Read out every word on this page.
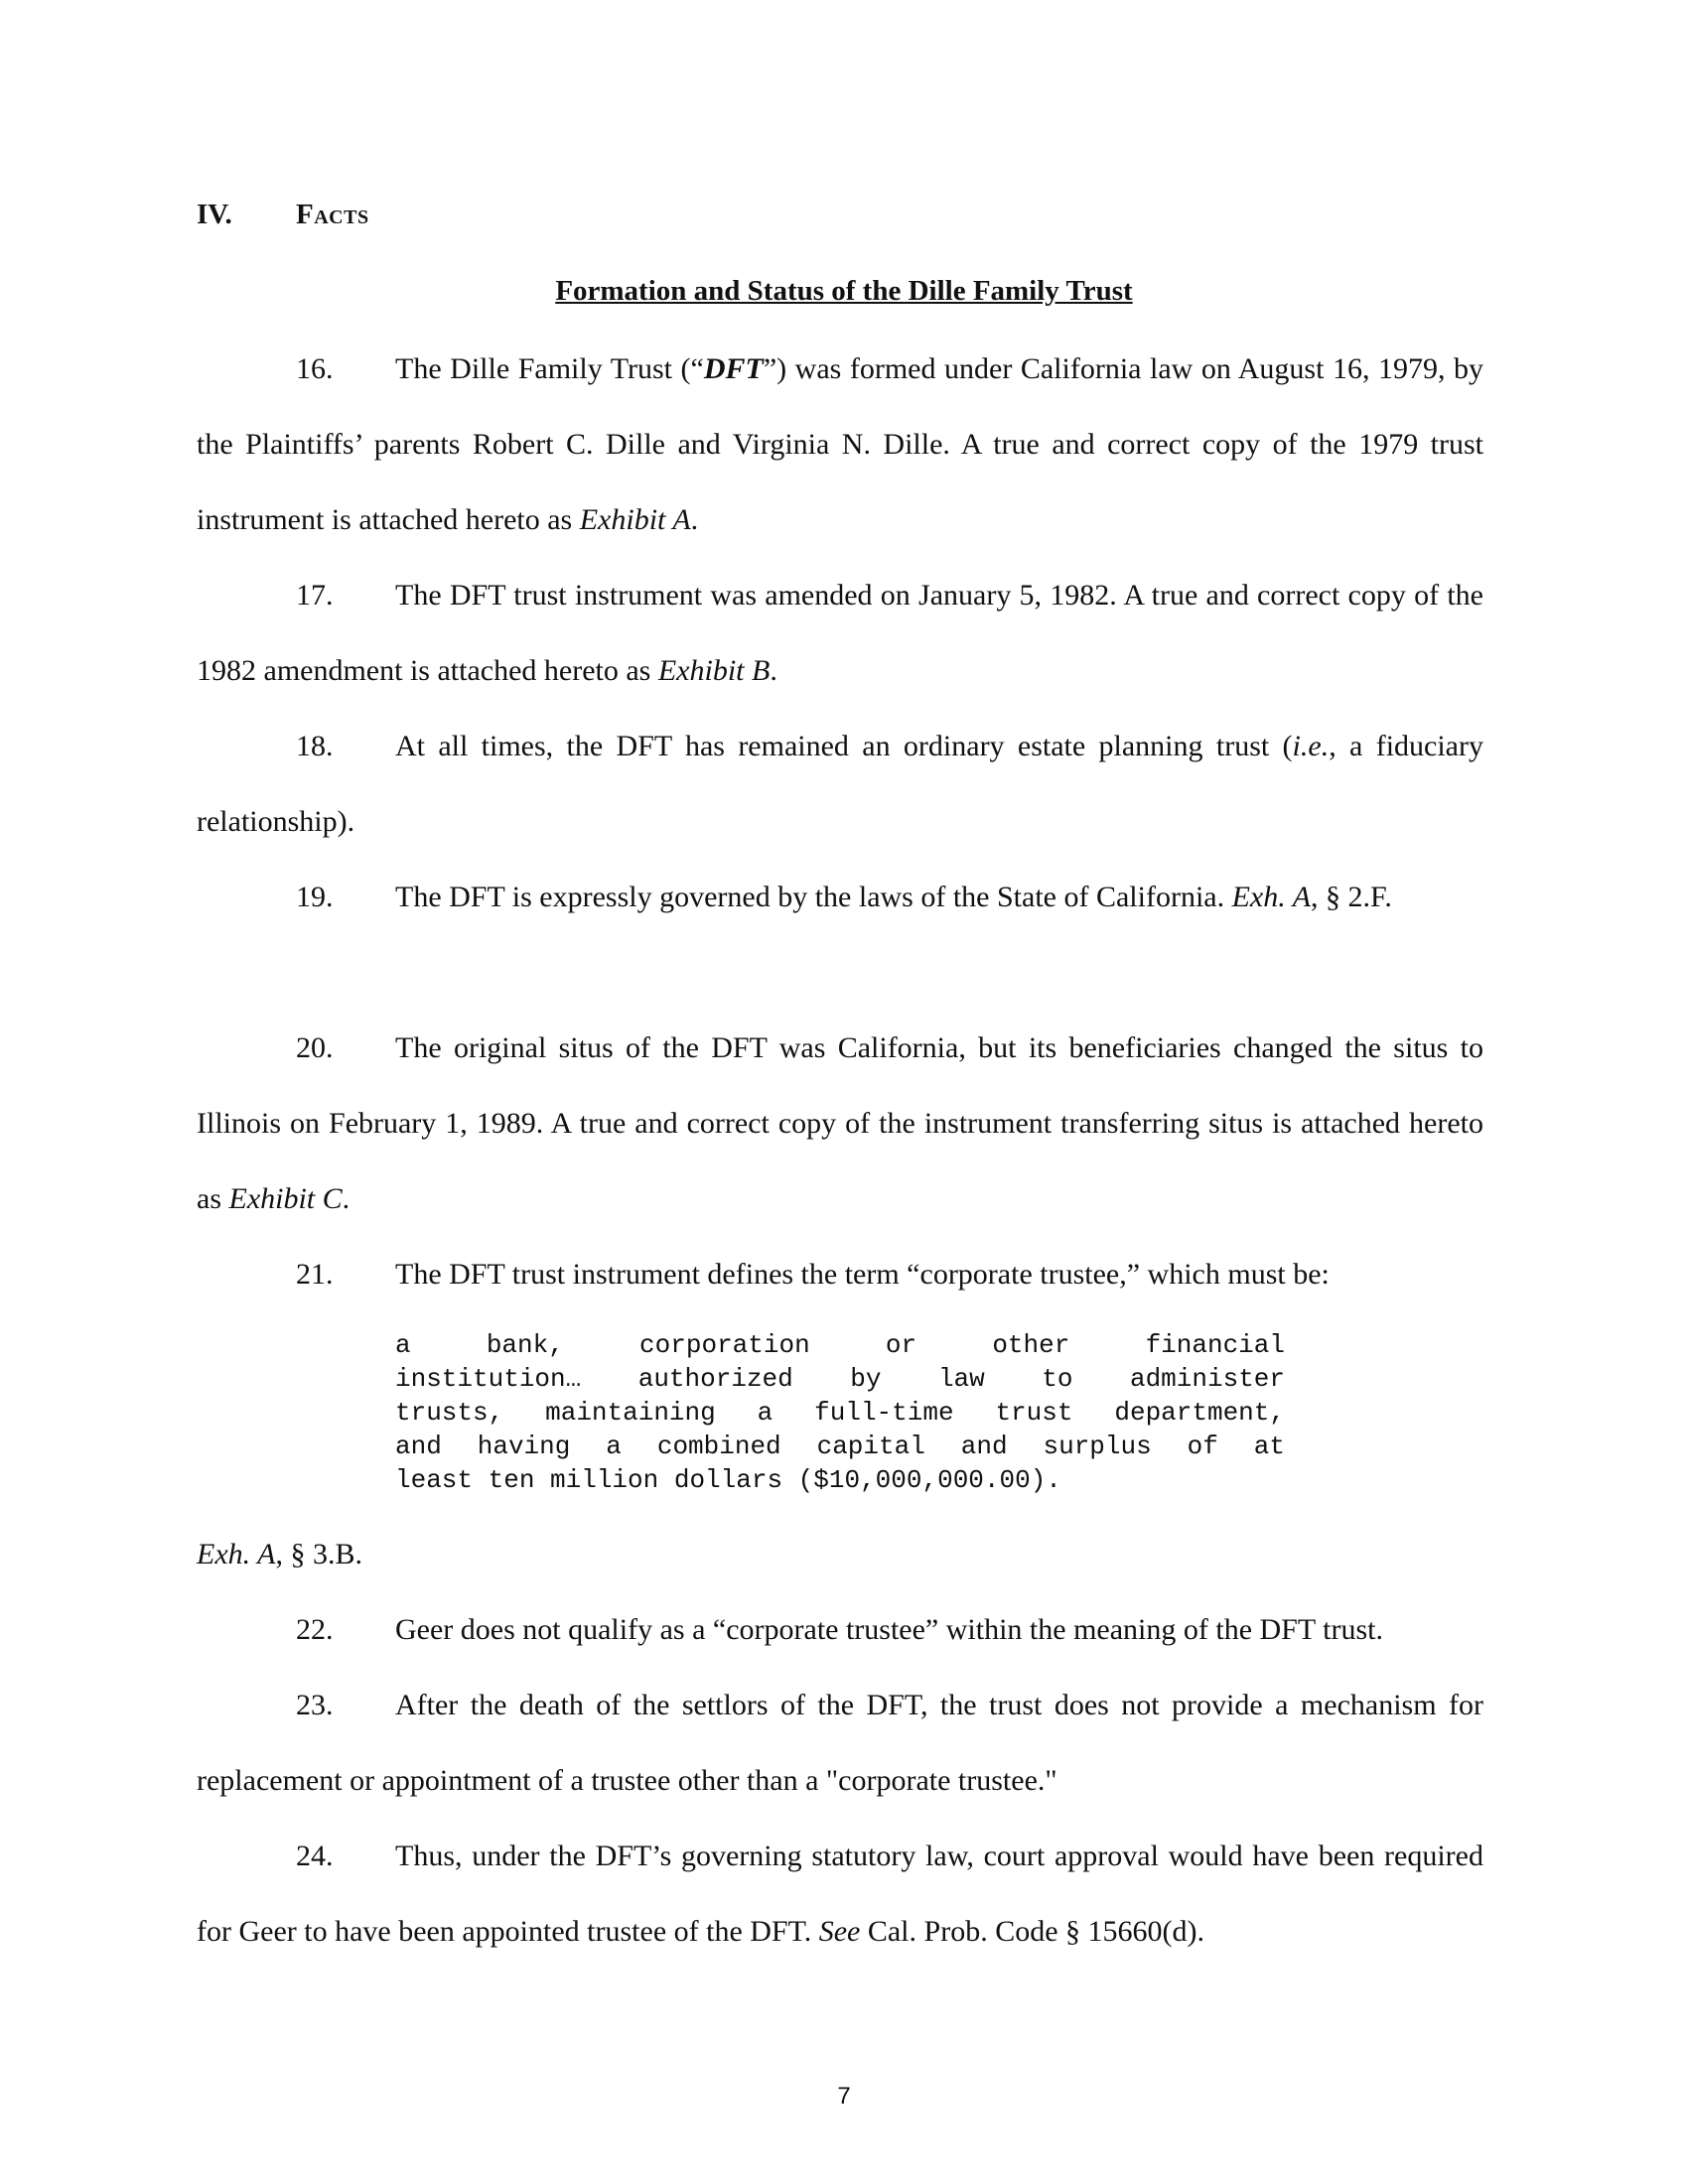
IV. Facts
Formation and Status of the Dille Family Trust
16. The Dille Family Trust (“DFT”) was formed under California law on August 16, 1979, by the Plaintiffs’ parents Robert C. Dille and Virginia N. Dille. A true and correct copy of the 1979 trust instrument is attached hereto as Exhibit A.
17. The DFT trust instrument was amended on January 5, 1982. A true and correct copy of the 1982 amendment is attached hereto as Exhibit B.
18. At all times, the DFT has remained an ordinary estate planning trust (i.e., a fiduciary relationship).
19. The DFT is expressly governed by the laws of the State of California. Exh. A, § 2.F.
20. The original situs of the DFT was California, but its beneficiaries changed the situs to Illinois on February 1, 1989. A true and correct copy of the instrument transferring situs is attached hereto as Exhibit C.
21. The DFT trust instrument defines the term “corporate trustee,” which must be:
a bank, corporation or other financial
institution… authorized by law to administer
trusts, maintaining a full-time trust department,
and having a combined capital and surplus of at
least ten million dollars ($10,000,000.00).
Exh. A, § 3.B.
22. Geer does not qualify as a “corporate trustee” within the meaning of the DFT trust.
23. After the death of the settlors of the DFT, the trust does not provide a mechanism for replacement or appointment of a trustee other than a "corporate trustee."
24. Thus, under the DFT’s governing statutory law, court approval would have been required for Geer to have been appointed trustee of the DFT. See Cal. Prob. Code § 15660(d).
7
